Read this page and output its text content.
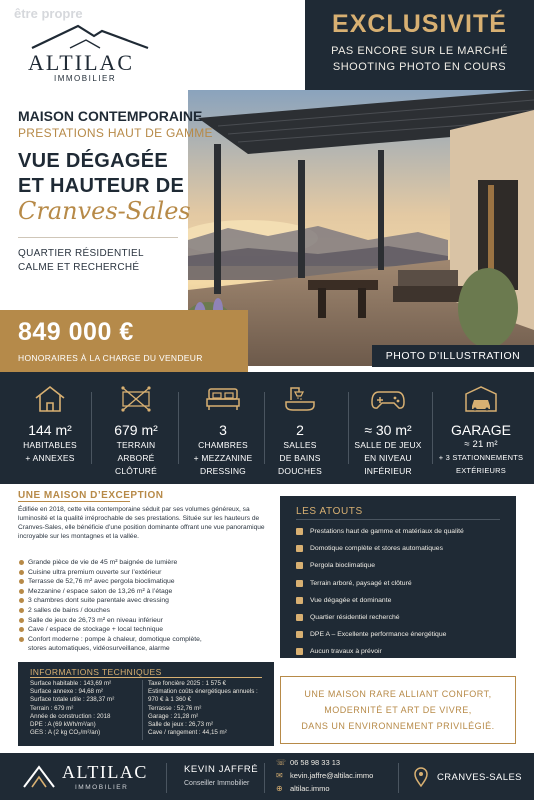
être propre
ALTILAC
IMMOBILIER
EXCLUSIVITÉ
PAS ENCORE SUR LE MARCHÉ
SHOOTING PHOTO EN COURS
MAISON CONTEMPORAINE
PRESTATIONS HAUT DE GAMME
VUE DÉGAGÉE
ET HAUTEUR DE
Cranves-Sales
QUARTIER RÉSIDENTIEL
CALME ET RECHERCHÉ
849 000 €
HONORAIRES À LA CHARGE DU VENDEUR	PHOTO D’ILLUSTRATION
144 m²
HABITABLES
+ ANNEXES
679 m²
TERRAIN
ARBORÉ
CLÔTURÉ
3
CHAMBRES
+ MEZZANINE
DRESSING
2
SALLES
DE BAINS
DOUCHES
≈ 30 m²
SALLE DE JEUX
EN NIVEAU
INFÉRIEUR
GARAGE
≈ 21 m²
+ 3 STATIONNEMENTS
EXTÉRIEURS
UNE MAISON D’EXCEPTION
Édifiée en 2018, cette villa contemporaine séduit par ses volumes généreux, sa luminosité et la qualité irréprochable de ses prestations. Située sur les hauteurs de Cranves-Sales, elle bénéficie d’une position dominante offrant une vue panoramique incroyable sur les montagnes et la vallée.
Grande pièce de vie de 45 m² baignée de lumière
Cuisine ultra premium ouverte sur l’extérieur
Terrasse de 52,76 m² avec pergola bioclimatique
Mezzanine / espace salon de 13,26 m² à l’étage
3 chambres dont suite parentale avec dressing
2 salles de bains / douches
Salle de jeux de 26,73 m² en niveau inférieur
Cave / espace de stockage + local technique
Confort moderne : pompe à chaleur, domotique complète,
stores automatiques, vidéosurveillance, alarme
INFORMATIONS TECHNIQUES
Surface habitable : 143,69 m²
Surface annexe : 94,68 m²
Surface totale utile : 238,37 m²
Terrain : 679 m²
Année de construction : 2018
DPE : A (69 kWh/m²/an)
GES : A (2 kg CO₂/m²/an)
Taxe foncière 2025 : 1 575 €
Estimation coûts énergétiques annuels :
970 € à 1 360 €
Terrasse : 52,76 m²
Garage : 21,28 m²
Salle de jeux : 26,73 m²
Cave / rangement : 44,15 m²
LES ATOUTS
Prestations haut de gamme et matériaux de qualité
Domotique complète et stores automatiques
Pergola bioclimatique
Terrain arboré, paysagé et clôturé
Vue dégagée et dominante
Quartier résidentiel recherché
DPE A – Excellente performance énergétique
Aucun travaux à prévoir
UNE MAISON RARE ALLIANT CONFORT,
MODERNITÉ ET ART DE VIVRE,
DANS UN ENVIRONNEMENT PRIVILÉGIÉ.
ALTILAC
IMMOBILIER
KEVIN JAFFRÉ
Conseiller Immobilier
☏ 06 58 98 33 13
✉ kevin.jaffre@altilac.immo
⊕ altilac.immo
CRANVES-SALES
